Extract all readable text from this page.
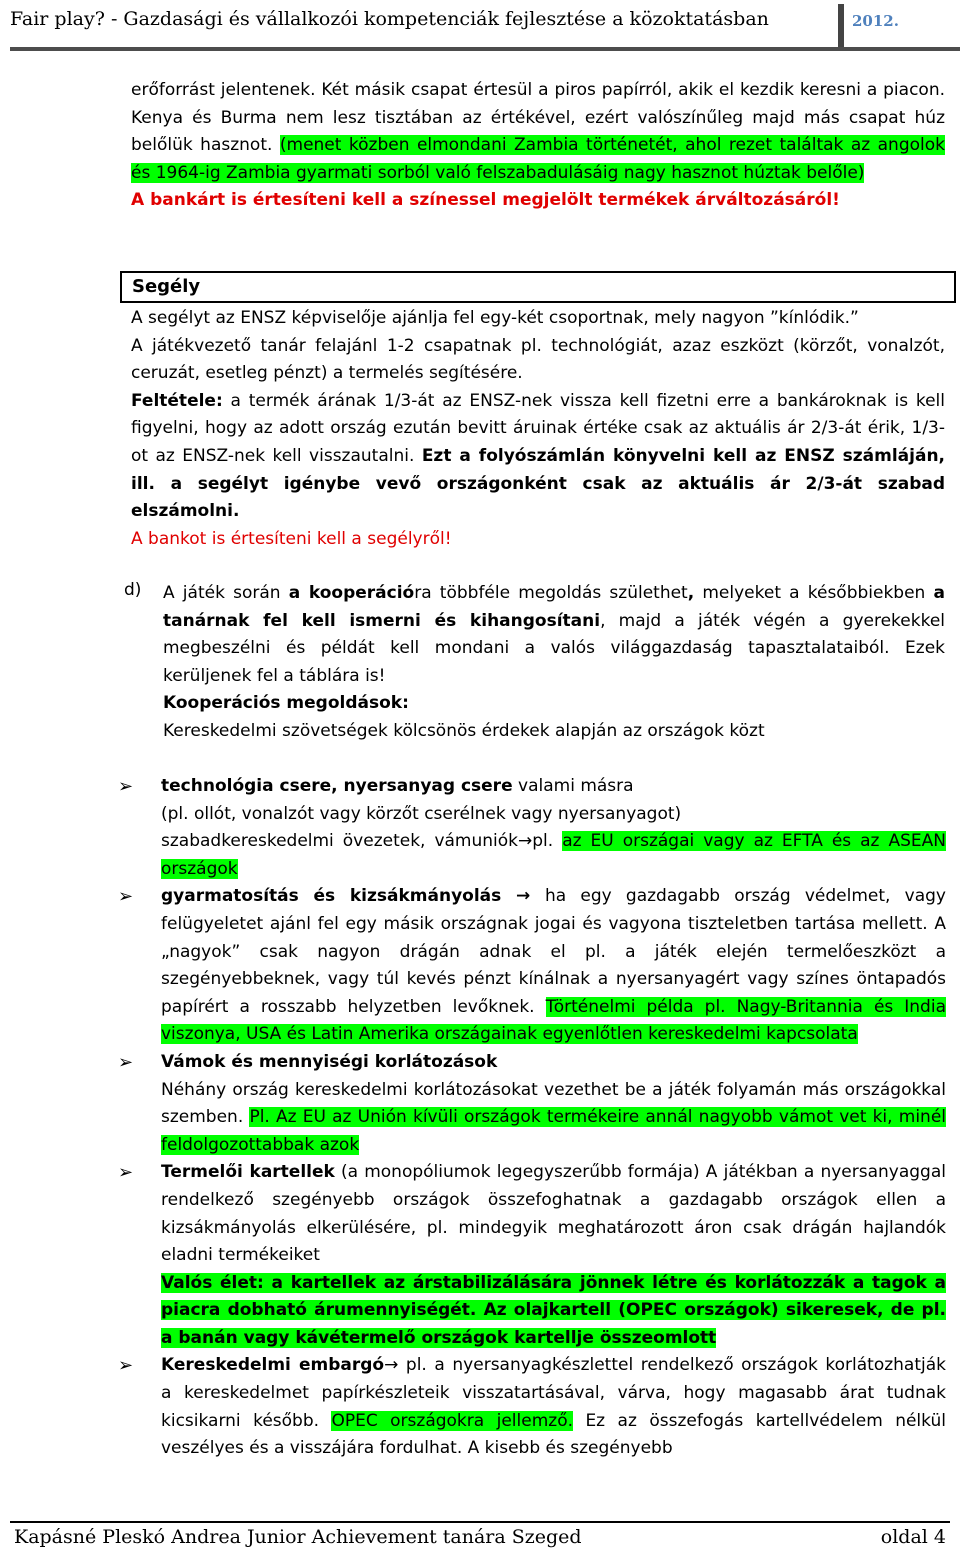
Fair play? - Gazdasági és vállalkozói kompetenciák fejlesztése a közoktatásban	2012.
erőforrást jelentenek. Két másik csapat értesül a piros papírról, akik el kezdik keresni a piacon. Kenya és Burma nem lesz tisztában az értékével, ezért valószínűleg majd más csapat húz belőlük hasznot. (menet közben elmondani Zambia történetét, ahol rezet találtak az angolok és 1964-ig Zambia gyarmati sorból való felszabadulásáig nagy hasznot húztak belőle)
A bankárt is értesíteni kell a színessel megjelölt termékek árváltozásáról!
Segély
A segélyt az ENSZ képviselője ajánlja fel egy-két csoportnak, mely nagyon ”kínlódik.”
A játékvezető tanár felajánl 1-2 csapatnak pl. technológiát, azaz eszközt (körzőt, vonalzót, ceruzát, esetleg pénzt) a termelés segítésére.
Feltétele: a termék árának 1/3-át az ENSZ-nek vissza kell fizetni erre a bankároknak is kell figyelni, hogy az adott ország ezután bevitt áruinak értéke csak az aktuális ár 2/3-át érik, 1/3-ot az ENSZ-nek kell visszautalni. Ezt a folyószámlán könyvelni kell az ENSZ számláján, ill. a segélyt igénybe vevő országonként csak az aktuális ár 2/3-át szabad elszámolni.
A bankot is értesíteni kell a segélyről!
d) A játék során a kooperációra többféle megoldás születhet, melyeket a későbbiekben a tanárnak fel kell ismerni és kihangosítani, majd a játék végén a gyerekekkel megbeszélni és példát kell mondani a valós világgazdaság tapasztalataiból. Ezek kerüljenek fel a táblára is!
Kooperációs megoldások:
Kereskedelmi szövetségek kölcsönös érdekek alapján az országok közt
➢ technológia csere, nyersanyag csere valami másra
(pl. ollót, vonalzót vagy körzőt cserélnek vagy nyersanyagot)
szabadkereskedelmi övezetek, vámuniók→pl. az EU országai vagy az EFTA és az ASEAN országok
➢ gyarmatosítás és kizsákmányolás → ha egy gazdagabb ország védelmet, vagy felügyeletet ajánl fel egy másik országnak jogai és vagyona tiszteletben tartása mellett. A „nagyok” csak nagyon drágán adnak el pl. a játék elején termelőeszközt a szegényebbeknek, vagy túl kevés pénzt kínálnak a nyersanyagért vagy színes öntapadós papírért a rosszabb helyzetben levőknek. Történelmi példa pl. Nagy-Britannia és India viszonya, USA és Latin Amerika országainak egyenlőtlen kereskedelmi kapcsolata
➢ Vámok és mennyiségi korlátozások
Néhány ország kereskedelmi korlátozásokat vezethet be a játék folyamán más országokkal szemben. Pl. Az EU az Unión kívüli országok termékeire annál nagyobb vámot vet ki, minél feldolgozottabbak azok
➢ Termelői kartellek (a monopóliumok legegyszerűbb formája) A játékban a nyersanyaggal rendelkező szegényebb országok összefoghatnak a gazdagabb országok ellen a kizsákmányolás elkerülésére, pl. mindegyik meghatározott áron csak drágán hajlandók eladni termékeiket
Valós élet: a kartellek az árstabilizálására jönnek létre és korlátozzák a tagok a piacra dobható árumennyiségét. Az olajkartell (OPEC országok) sikeresek, de pl. a banán vagy kávétermelő országok kartellje összeomlott
➢ Kereskedelmi embargó→ pl. a nyersanyagkészlettel rendelkező országok korlátozhatják a kereskedelmet papírkészleteik visszatartásával, várva, hogy magasabb árat tudnak kicsikarni később. OPEC országokra jellemző. Ez az összefogás kartellvédelem nélkül veszélyes és a visszájára fordulhat. A kisebb és szegényebb
Kapásné Pleskó Andrea Junior Achievement tanára Szeged	oldal 4
